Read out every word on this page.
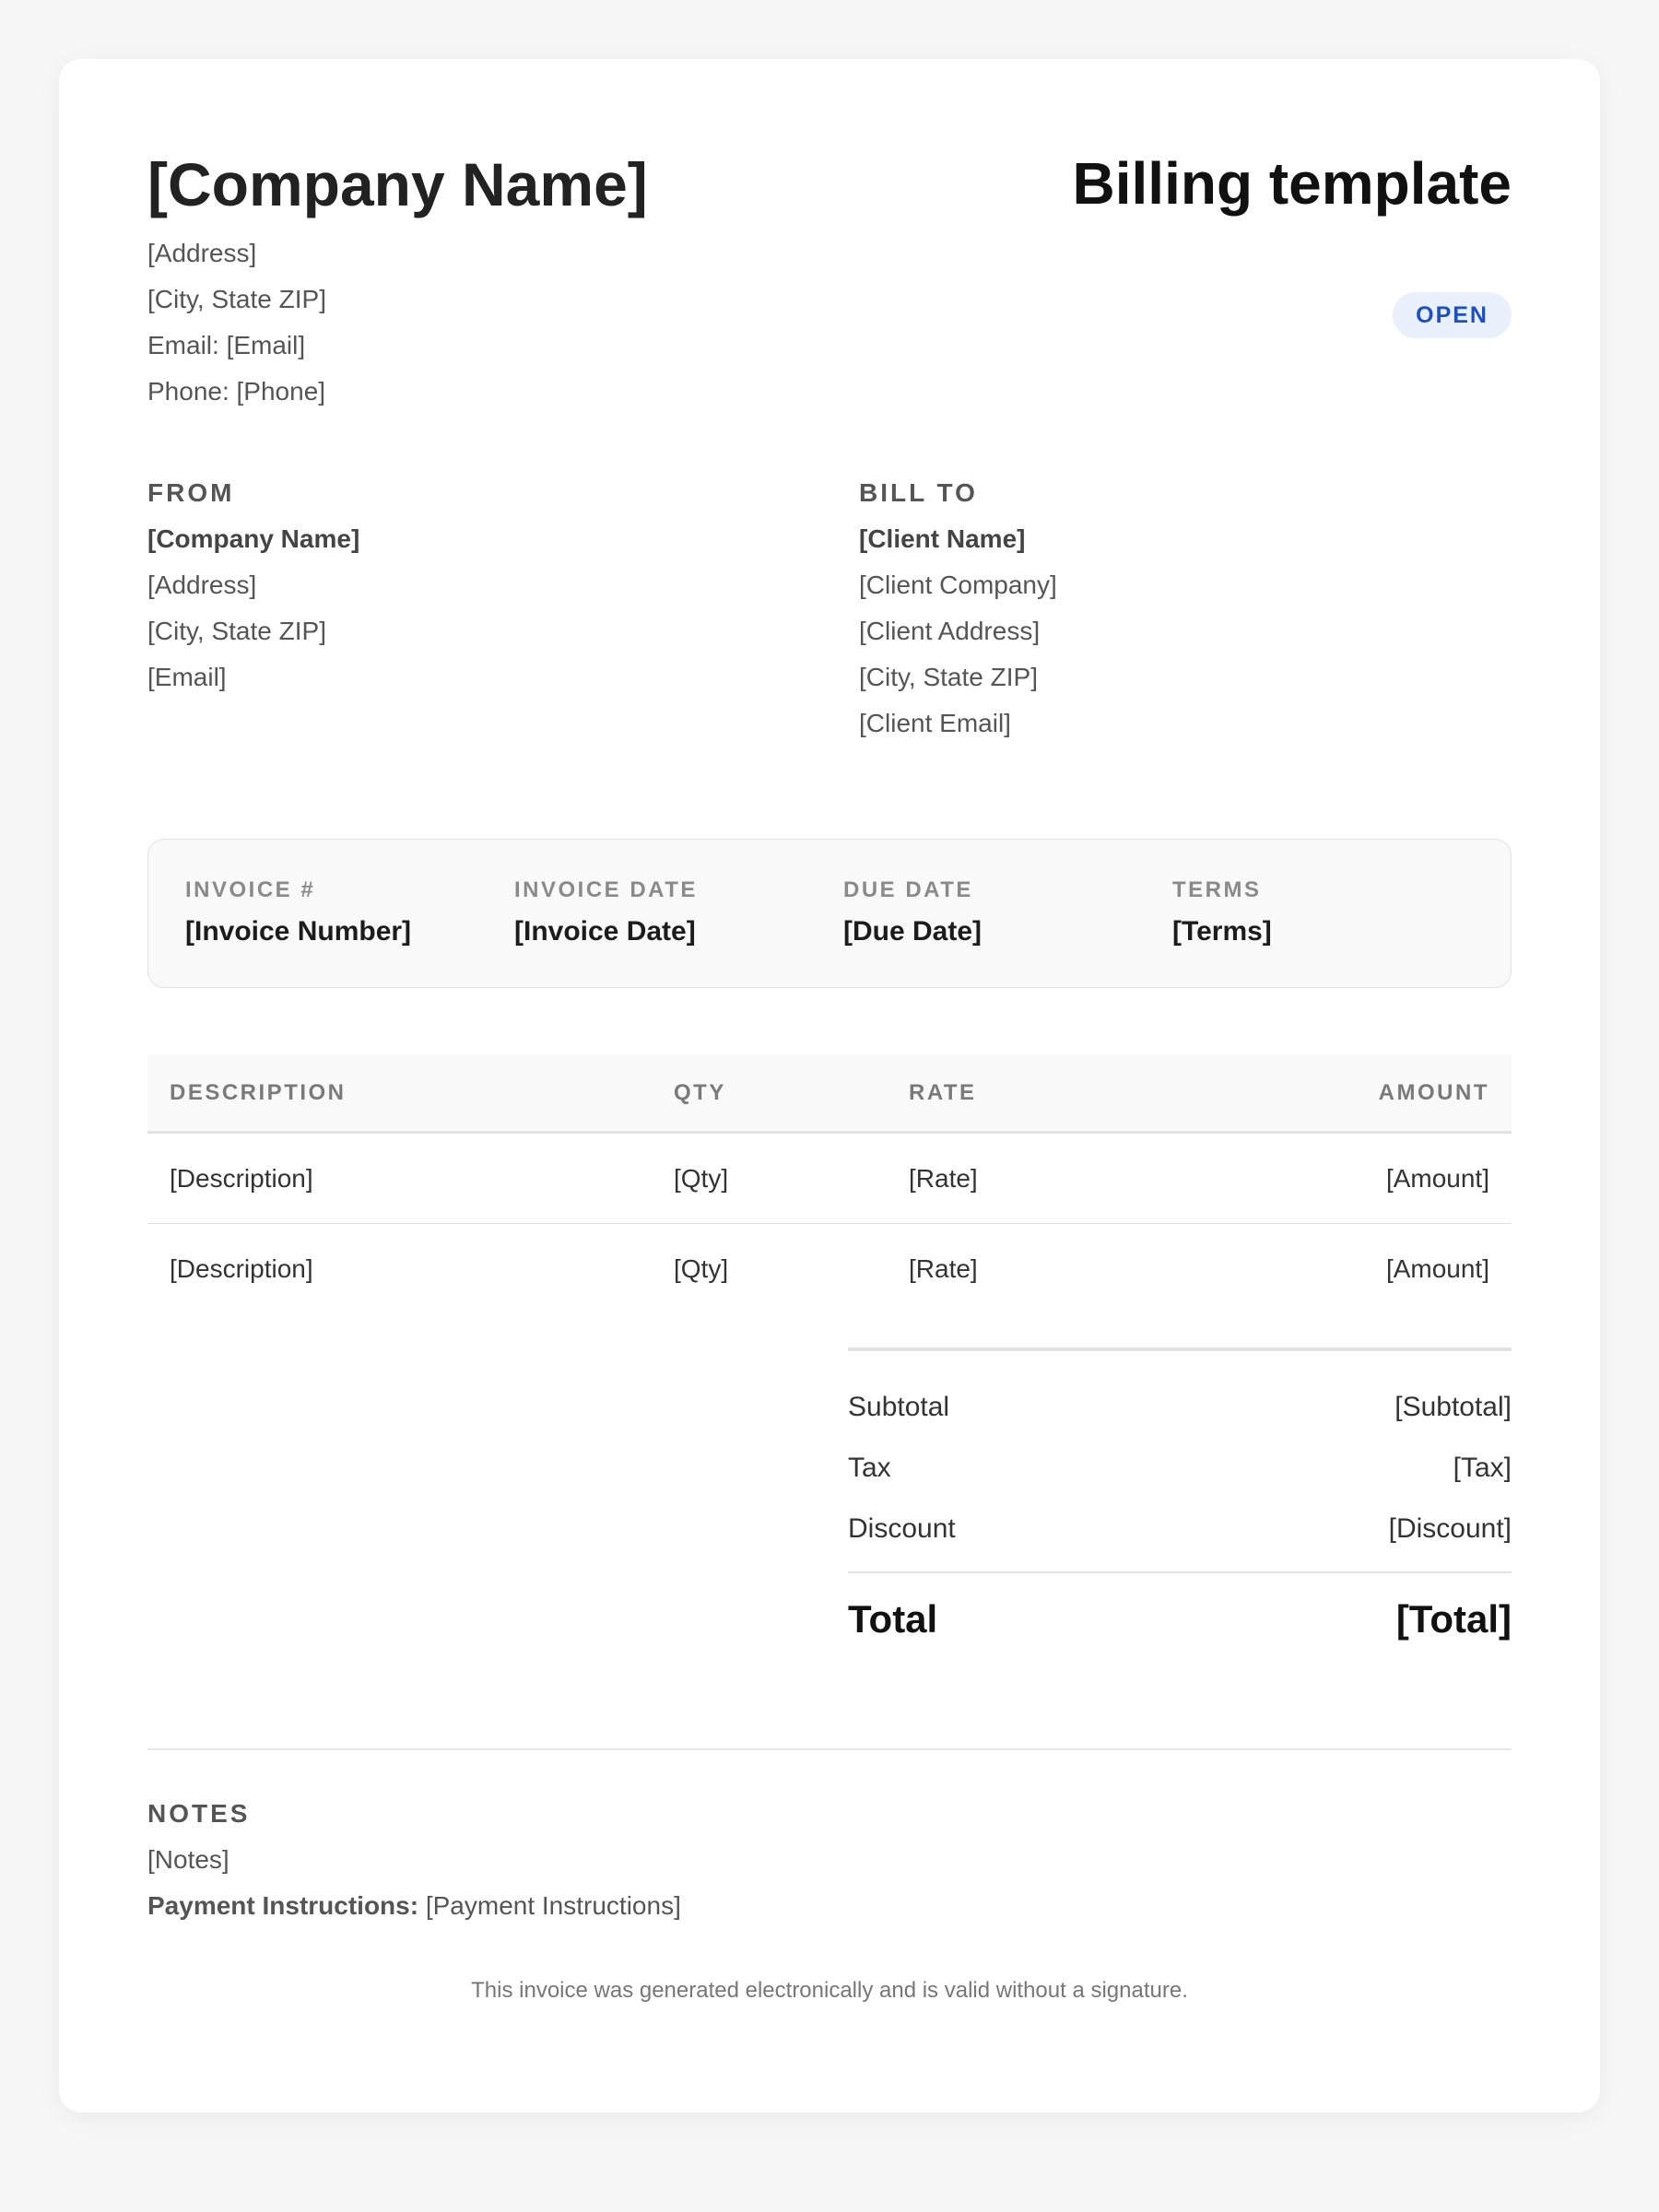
[Company Name]
[Address]
[City, State ZIP]
Email: [Email]
Phone: [Phone]
Billing template
OPEN
FROM
[Company Name]
[Address]
[City, State ZIP]
[Email]
BILL TO
[Client Name]
[Client Company]
[Client Address]
[City, State ZIP]
[Client Email]
INVOICE #
[Invoice Number]
INVOICE DATE
[Invoice Date]
DUE DATE
[Due Date]
TERMS
[Terms]
DESCRIPTION	QTY	RATE	AMOUNT
[Description]	[Qty]	[Rate]	[Amount]
[Description]	[Qty]	[Rate]	[Amount]
Subtotal	[Subtotal]
Tax	[Tax]
Discount	[Discount]
Total	[Total]
NOTES
[Notes]
Payment Instructions: [Payment Instructions]
This invoice was generated electronically and is valid without a signature.
